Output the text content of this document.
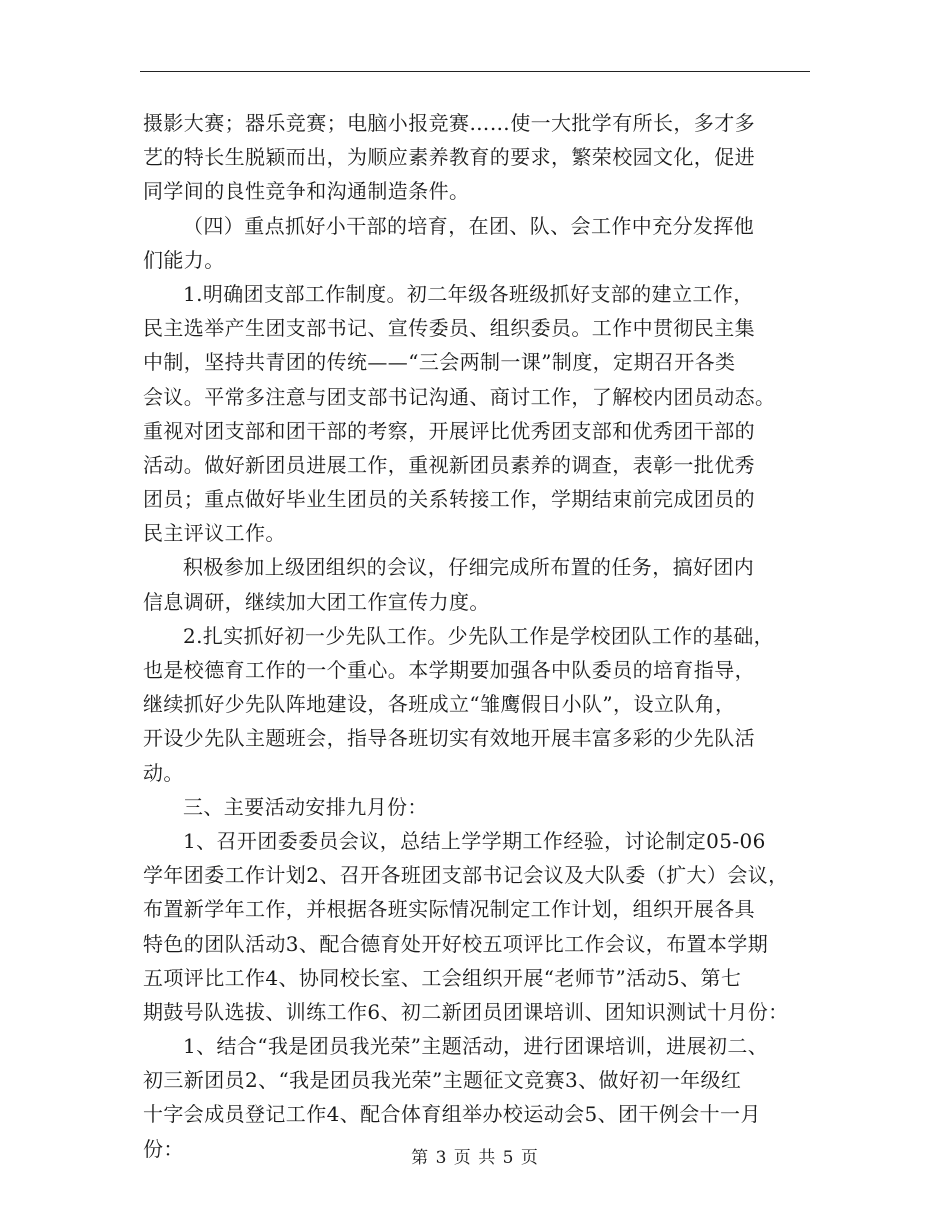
摄影大赛；器乐竞赛；电脑小报竞赛……使一大批学有所长，多才多
艺的特长生脱颖而出，为顺应素养教育的要求，繁荣校园文化，促进
同学间的良性竞争和沟通制造条件。
（四）重点抓好小干部的培育，在团、队、会工作中充分发挥他
们能力。
1.明确团支部工作制度。初二年级各班级抓好支部的建立工作，
民主选举产生团支部书记、宣传委员、组织委员。工作中贯彻民主集
中制，坚持共青团的传统——“三会两制一课”制度，定期召开各类
会议。平常多注意与团支部书记沟通、商讨工作，了解校内团员动态。
重视对团支部和团干部的考察，开展评比优秀团支部和优秀团干部的
活动。做好新团员进展工作，重视新团员素养的调查，表彰一批优秀
团员；重点做好毕业生团员的关系转接工作，学期结束前完成团员的
民主评议工作。
积极参加上级团组织的会议，仔细完成所布置的任务，搞好团内
信息调研，继续加大团工作宣传力度。
2.扎实抓好初一少先队工作。少先队工作是学校团队工作的基础，
也是校德育工作的一个重心。本学期要加强各中队委员的培育指导，
继续抓好少先队阵地建设，各班成立“雏鹰假日小队”，设立队角，
开设少先队主题班会，指导各班切实有效地开展丰富多彩的少先队活
动。
三、主要活动安排九月份：
1、召开团委委员会议，总结上学学期工作经验，讨论制定05-06
学年团委工作计划2、召开各班团支部书记会议及大队委（扩大）会议，
布置新学年工作，并根据各班实际情况制定工作计划，组织开展各具
特色的团队活动3、配合德育处开好校五项评比工作会议，布置本学期
五项评比工作4、协同校长室、工会组织开展“老师节”活动5、第七
期鼓号队选拔、训练工作6、初二新团员团课培训、团知识测试十月份：
1、结合“我是团员我光荣”主题活动，进行团课培训，进展初二、
初三新团员2、“我是团员我光荣”主题征文竞赛3、做好初一年级红
十字会成员登记工作4、配合体育组举办校运动会5、团干例会十一月
份：	第 3 页 共 5 页
